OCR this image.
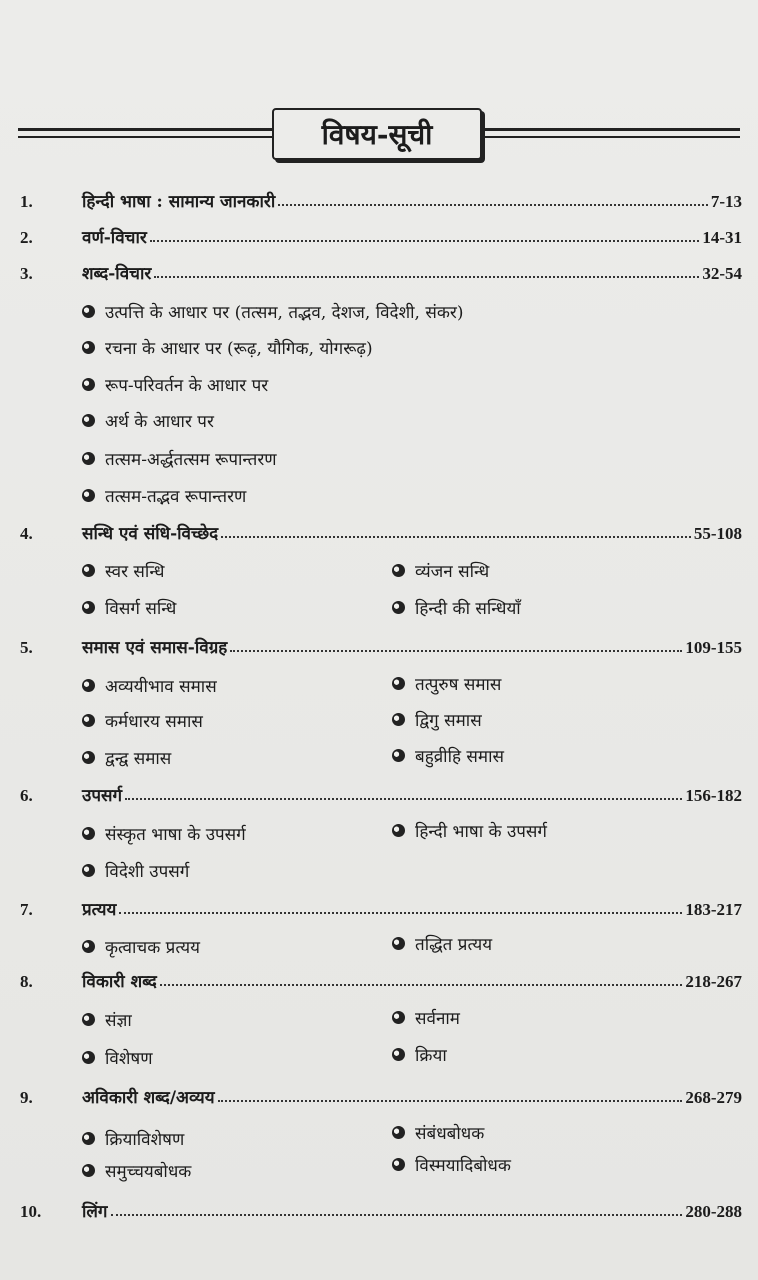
विषय-सूची
1.	हिन्दी भाषा : सामान्य जानकारी	7-13
2.	वर्ण-विचार	14-31
3.	शब्द-विचार	32-54
उत्पत्ति के आधार पर (तत्सम, तद्भव, देशज, विदेशी, संकर)
रचना के आधार पर (रूढ़, यौगिक, योगरूढ़)
रूप-परिवर्तन के आधार पर
अर्थ के आधार पर
तत्सम-अर्द्धतत्सम रूपान्तरण
तत्सम-तद्भव रूपान्तरण
4.	सन्धि एवं संधि-विच्छेद	55-108
स्वर सन्धि	व्यंजन सन्धि
विसर्ग सन्धि	हिन्दी की सन्धियाँ
5.	समास एवं समास-विग्रह	109-155
अव्ययीभाव समास	तत्पुरुष समास
कर्मधारय समास	द्विगु समास
द्वन्द्व समास	बहुव्रीहि समास
6.	उपसर्ग	156-182
संस्कृत भाषा के उपसर्ग	हिन्दी भाषा के उपसर्ग
विदेशी उपसर्ग
7.	प्रत्यय	183-217
कृत्वाचक प्रत्यय	तद्धित प्रत्यय
8.	विकारी शब्द	218-267
संज्ञा	सर्वनाम
विशेषण	क्रिया
9.	अविकारी शब्द/अव्यय	268-279
क्रियाविशेषण	संबंधबोधक
समुच्चयबोधक	विस्मयादिबोधक
10.	लिंग	280-288
